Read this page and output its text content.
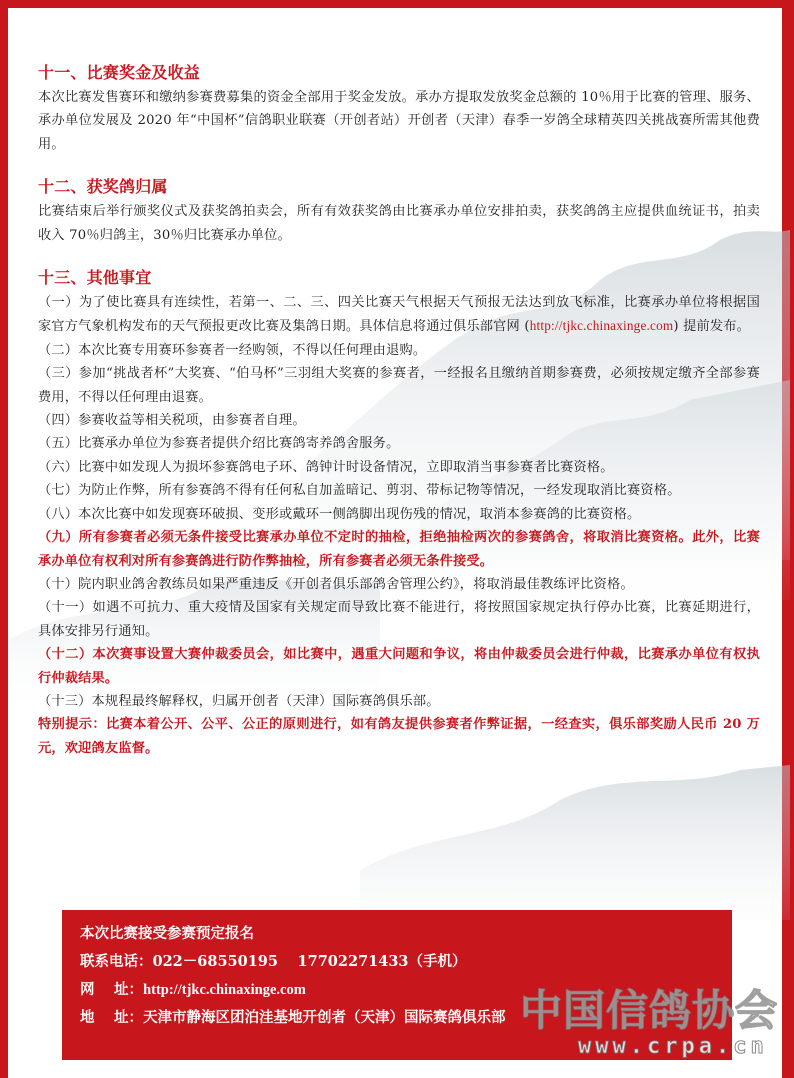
十一、比赛奖金及收益

本次比赛发售赛环和缴纳参赛费募集的资金全部用于奖金发放。承办方提取发放奖金总额的 10％用于比赛的管理、服务、承办单位发展及 2020 年“中国杯”信鸽职业联赛（开创者站）开创者（天津）春季一岁鸽全球精英四关挑战赛所需其他费用。

十二、获奖鸽归属

比赛结束后举行颁奖仪式及获奖鸽拍卖会，所有有效获奖鸽由比赛承办单位安排拍卖，获奖鸽鸽主应提供血统证书，拍卖收入 70％归鸽主，30％归比赛承办单位。

十三、其他事宜

（一）为了使比赛具有连续性，若第一、二、三、四关比赛天气根据天气预报无法达到放飞标准，比赛承办单位将根据国家官方气象机构发布的天气预报更改比赛及集鸽日期。具体信息将通过俱乐部官网 (http://tjkc.chinaxinge.com) 提前发布。

（二）本次比赛专用赛环参赛者一经购领，不得以任何理由退购。

（三）参加“挑战者杯”大奖赛、“伯马杯”三羽组大奖赛的参赛者，一经报名且缴纳首期参赛费，必须按规定缴齐全部参赛费用，不得以任何理由退赛。

（四）参赛收益等相关税项，由参赛者自理。

（五）比赛承办单位为参赛者提供介绍比赛鸽寄养鸽舍服务。

（六）比赛中如发现人为损坏参赛鸽电子环、鸽钟计时设备情况，立即取消当事参赛者比赛资格。

（七）为防止作弊，所有参赛鸽不得有任何私自加盖暗记、剪羽、带标记物等情况，一经发现取消比赛资格。

（八）本次比赛中如发现赛环破损、变形或戴环一侧鸽脚出现伤残的情况，取消本参赛鸽的比赛资格。

（九）所有参赛者必须无条件接受比赛承办单位不定时的抽检，拒绝抽检两次的参赛鸽舍，将取消比赛资格。此外，比赛承办单位有权利对所有参赛鸽进行防作弊抽检，所有参赛者必须无条件接受。

（十）院内职业鸽舍教练员如果严重违反《开创者俱乐部鸽舍管理公约》，将取消最佳教练评比资格。

（十一）如遇不可抗力、重大疫情及国家有关规定而导致比赛不能进行，将按照国家规定执行停办比赛，比赛延期进行，具体安排另行通知。

（十二）本次赛事设置大赛仲裁委员会，如比赛中，遇重大问题和争议，将由仲裁委员会进行仲裁，比赛承办单位有权执行仲裁结果。

（十三）本规程最终解释权，归属开创者（天津）国际赛鸽俱乐部。

特别提示：比赛本着公开、公平、公正的原则进行，如有鸽友提供参赛者作弊证据，一经查实，俱乐部奖励人民币 20 万元，欢迎鸽友监督。

本次比赛接受参赛预定报名

联系电话：022－68550195　 17702271433（手机）

网　 址：http://tjkc.chinaxinge.com

地　 址：天津市静海区团泊洼基地开创者（天津）国际赛鸽俱乐部 中国信鸽协会
www.crpa.cn
